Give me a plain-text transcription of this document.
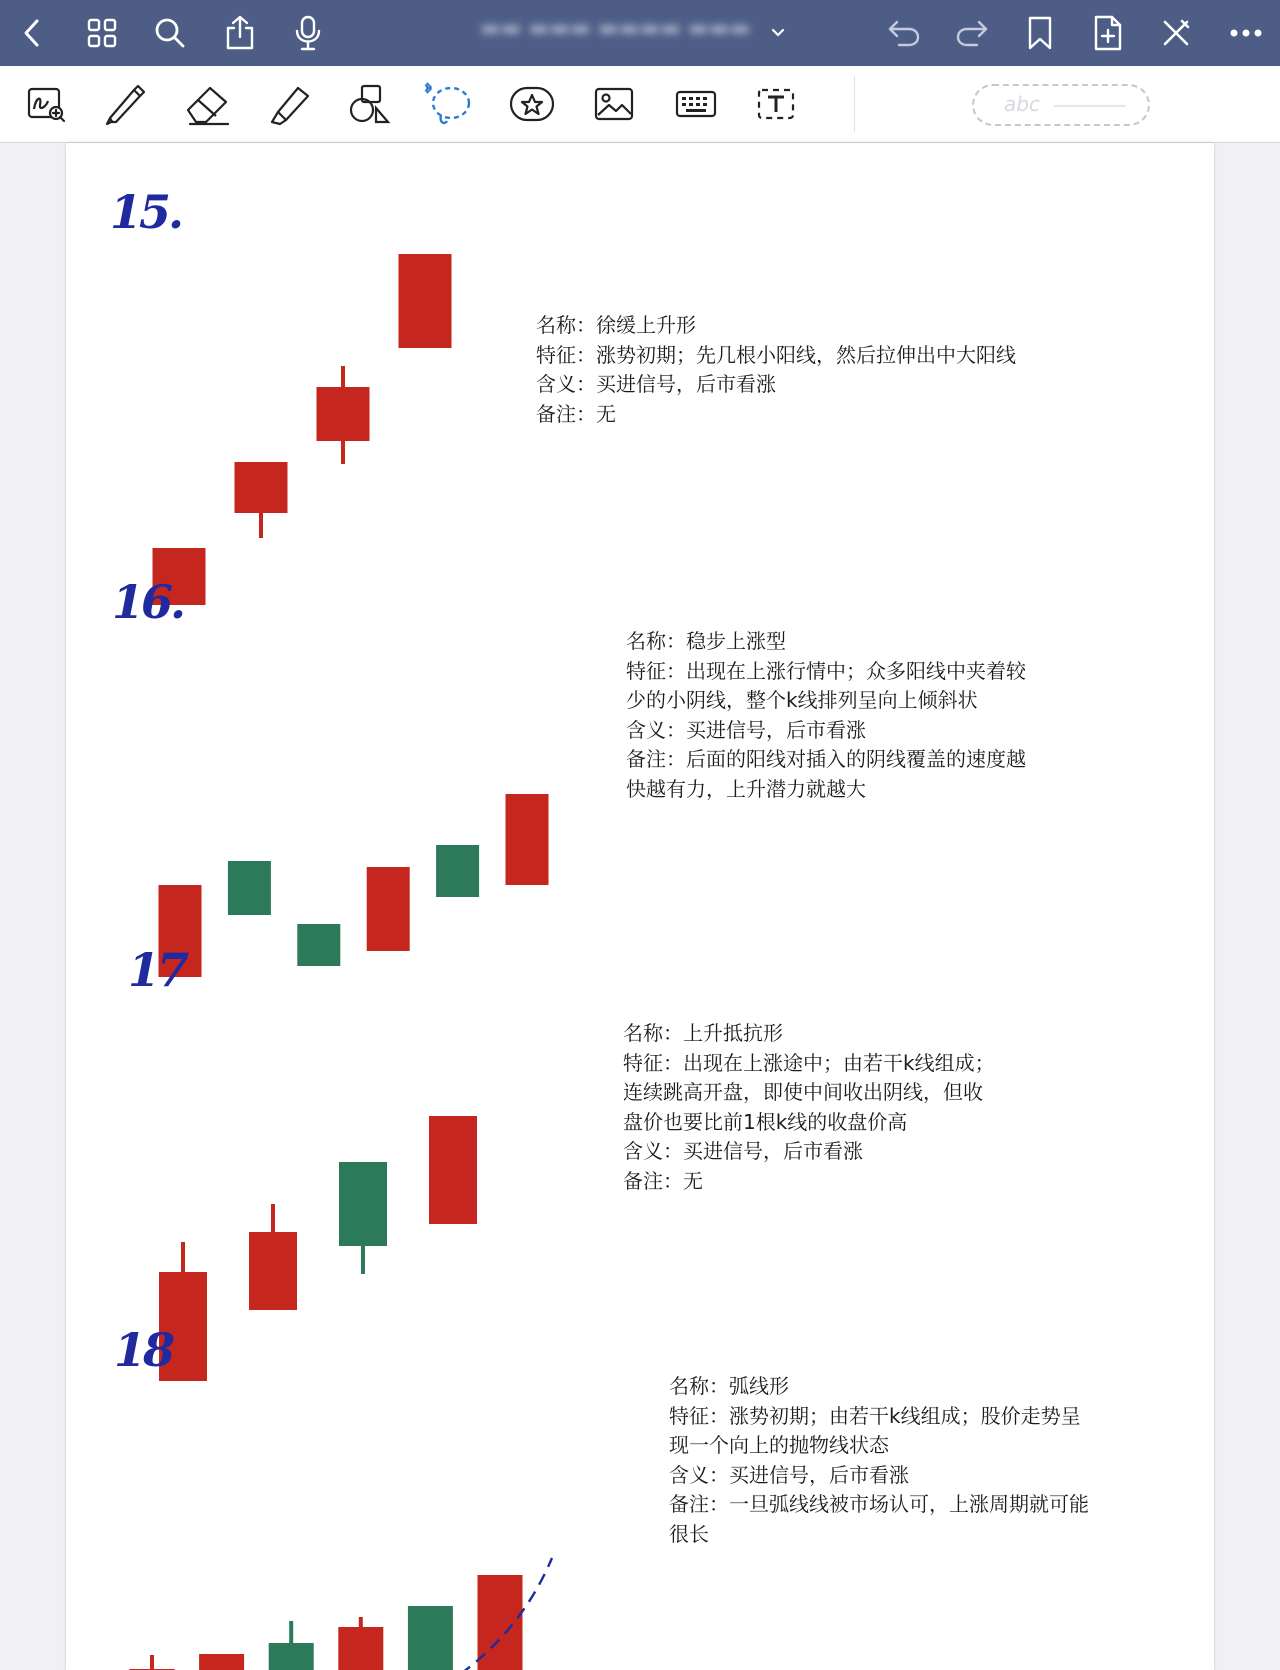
▬▬ ▬▬▬ ▬▬▬▬ ▬▬▬
abc
15.
名称：徐缓上升形
特征：涨势初期；先几根小阳线，然后拉伸出中大阳线
含义：买进信号，后市看涨
备注：无
16.
名称：稳步上涨型
特征：出现在上涨行情中；众多阳线中夹着较
少的小阴线，整个k线排列呈向上倾斜状
含义：买进信号，后市看涨
备注：后面的阳线对插入的阴线覆盖的速度越
快越有力，上升潜力就越大
17
名称：上升抵抗形
特征：出现在上涨途中；由若干k线组成；
连续跳高开盘，即使中间收出阴线，但收
盘价也要比前1根k线的收盘价高
含义：买进信号，后市看涨
备注：无
18
名称：弧线形
特征：涨势初期；由若干k线组成；股价走势呈
现一个向上的抛物线状态
含义：买进信号，后市看涨
备注：一旦弧线线被市场认可，上涨周期就可能
很长
